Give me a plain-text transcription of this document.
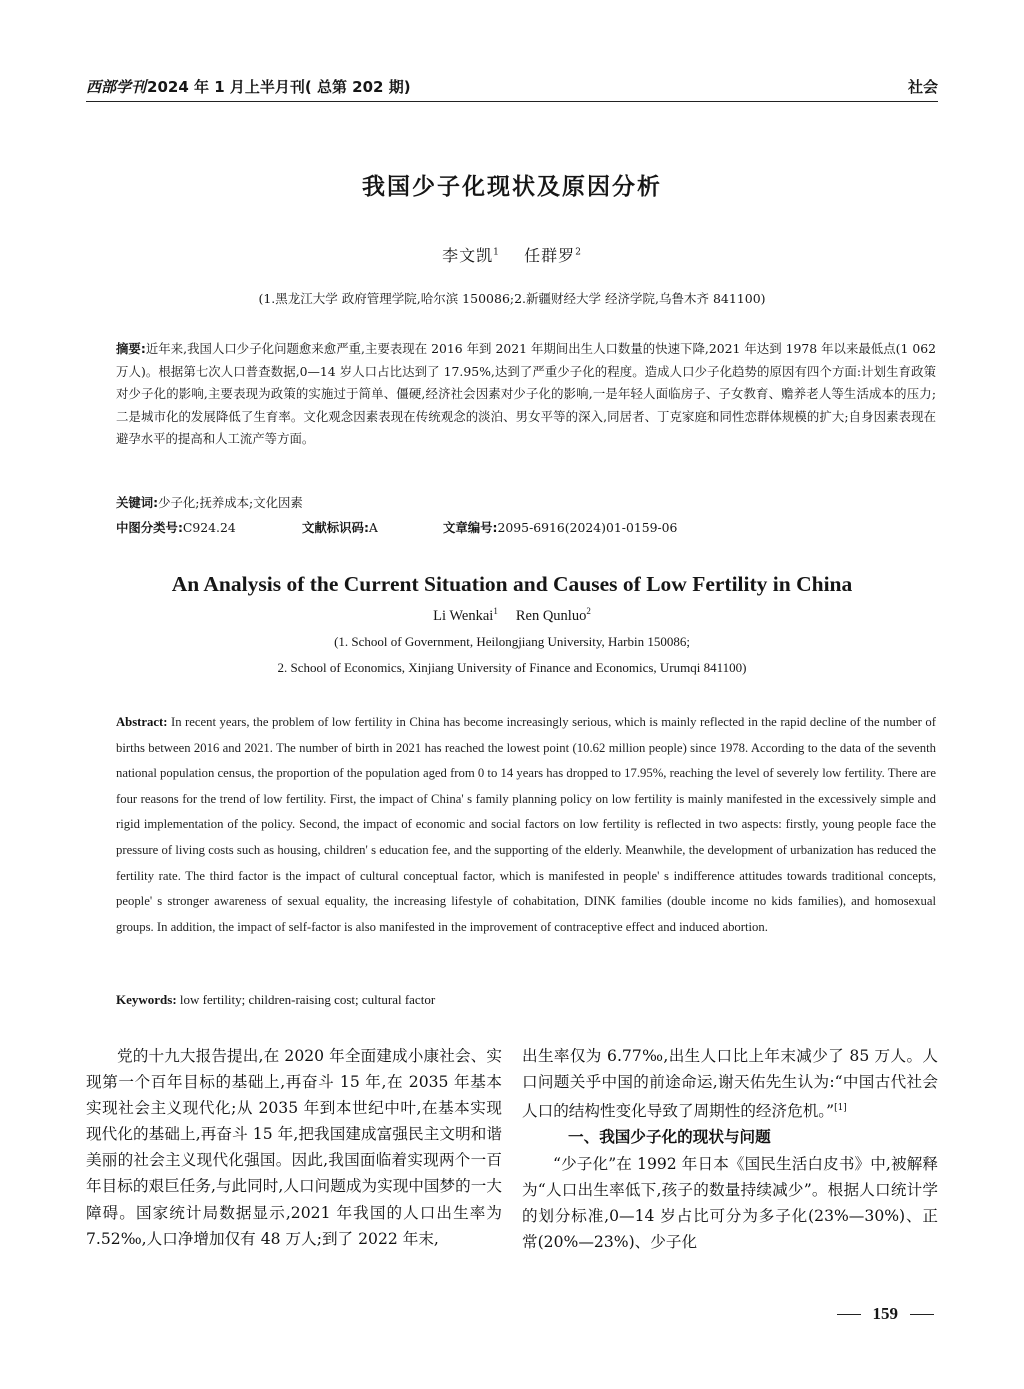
西部学刊2024 年 1 月上半月刊( 总第 202 期)	社会
我国少子化现状及原因分析
李文凯$^1$ 任群罗$^2$
(1.黑龙江大学 政府管理学院,哈尔滨 150086;2.新疆财经大学 经济学院,乌鲁木齐 841100)

摘要:近年来,我国人口少子化问题愈来愈严重,主要表现在 2016 年到 2021 年期间出生人口数量的快速下降,2021 年达到 1978 年以来最低点(1 062 万人)。根据第七次人口普查数据,0—14 岁人口占比达到了 17.95%,达到了严重少子化的程度。造成人口少子化趋势的原因有四个方面:计划生育政策对少子化的影响,主要表现为政策的实施过于简单、僵硬,经济社会因素对少子化的影响,一是年轻人面临房子、子女教育、赡养老人等生活成本的压力;二是城市化的发展降低了生育率。文化观念因素表现在传统观念的淡泊、男女平等的深入,同居者、丁克家庭和同性恋群体规模的扩大;自身因素表现在避孕水平的提高和人工流产等方面。

关键词:少子化;抚养成本;文化因素
中图分类号:C924.24	文献标识码:A	文章编号:2095-6916(2024)01-0159-06
An Analysis of the Current Situation and Causes of Low Fertility in China
Li Wenkai$^1$ Ren Qunluo$^2$
(1. School of Government, Heilongjiang University, Harbin 150086;
2. School of Economics, Xinjiang University of Finance and Economics, Urumqi 841100)

Abstract: In recent years, the problem of low fertility in China has become increasingly serious, which is mainly reflected in the rapid decline of the number of births between 2016 and 2021. The number of birth in 2021 has reached the lowest point (10.62 million people) since 1978. According to the data of the seventh national population census, the proportion of the population aged from 0 to 14 years has dropped to 17.95%, reaching the level of severely low fertility. There are four reasons for the trend of low fertility. First, the impact of China' s family planning policy on low fertility is mainly manifested in the excessively simple and rigid implementation of the policy. Second, the impact of economic and social factors on low fertility is reflected in two aspects: firstly, young people face the pressure of living costs such as housing, children' s education fee, and the supporting of the elderly. Meanwhile, the development of urbanization has reduced the fertility rate. The third factor is the impact of cultural conceptual factor, which is manifested in people' s indifference attitudes towards traditional concepts, people' s stronger awareness of sexual equality, the increasing lifestyle of cohabitation, DINK families (double income no kids families), and homosexual groups. In addition, the impact of self-factor is also manifested in the improvement of contraceptive effect and induced abortion.

Keywords: low fertility; children-raising cost; cultural factor

党的十九大报告提出,在 2020 年全面建成小康社会、实现第一个百年目标的基础上,再奋斗 15 年,在 2035 年基本实现社会主义现代化;从 2035 年到本世纪中叶,在基本实现现代化的基础上,再奋斗 15 年,把我国建成富强民主文明和谐美丽的社会主义现代化强国。因此,我国面临着实现两个一百年目标的艰巨任务,与此同时,人口问题成为实现中国梦的一大障碍。国家统计局数据显示,2021 年我国的人口出生率为 7.52‰,人口净增加仅有 48 万人;到了 2022 年末,

出生率仅为 6.77‰,出生人口比上年末减少了 85 万人。人口问题关乎中国的前途命运,谢天佑先生认为:“中国古代社会人口的结构性变化导致了周期性的经济危机。”[1]

一、我国少子化的现状与问题

“少子化”在 1992 年日本《国民生活白皮书》中,被解释为“人口出生率低下,孩子的数量持续减少”。根据人口统计学的划分标准,0—14 岁占比可分为多子化(23%—30%)、正常(20%—23%)、少子化

159
